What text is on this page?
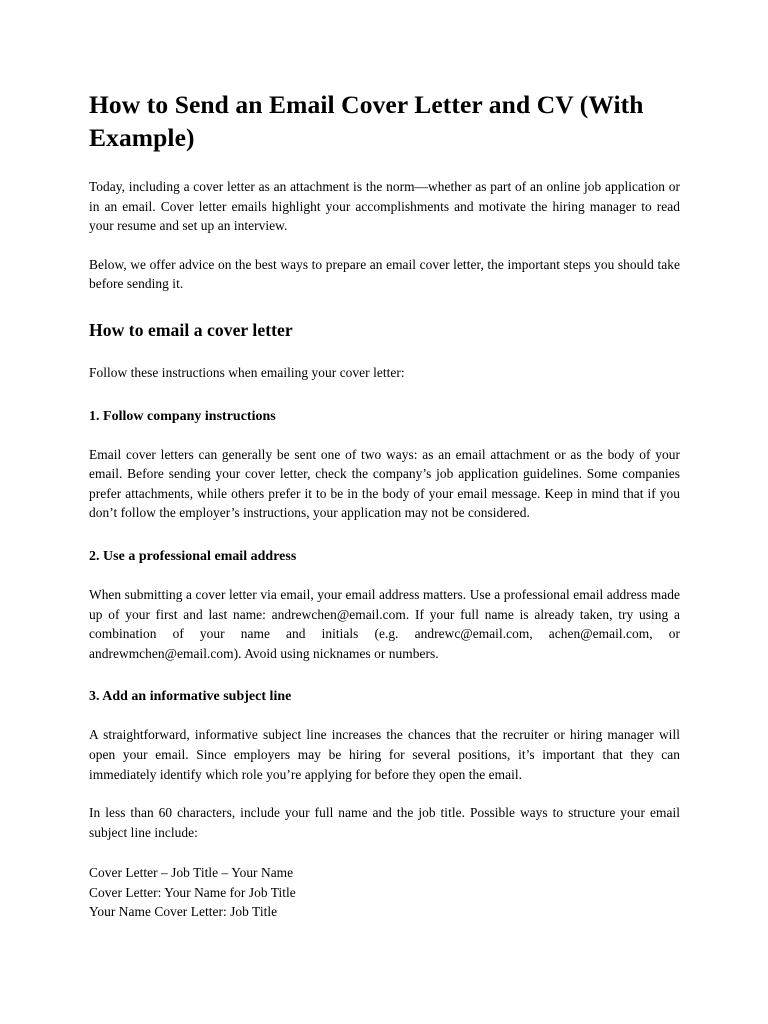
How to Send an Email Cover Letter and CV (With Example)

Today, including a cover letter as an attachment is the norm—whether as part of an online job application or in an email. Cover letter emails highlight your accomplishments and motivate the hiring manager to read your resume and set up an interview.

Below, we offer advice on the best ways to prepare an email cover letter, the important steps you should take before sending it.

How to email a cover letter

Follow these instructions when emailing your cover letter:

1. Follow company instructions

Email cover letters can generally be sent one of two ways: as an email attachment or as the body of your email. Before sending your cover letter, check the company’s job application guidelines. Some companies prefer attachments, while others prefer it to be in the body of your email message. Keep in mind that if you don’t follow the employer’s instructions, your application may not be considered.

2. Use a professional email address

When submitting a cover letter via email, your email address matters. Use a professional email address made up of your first and last name: andrewchen@email.com. If your full name is already taken, try using a combination of your name and initials (e.g. andrewc@email.com, achen@email.com, or andrewmchen@email.com). Avoid using nicknames or numbers.

3. Add an informative subject line

A straightforward, informative subject line increases the chances that the recruiter or hiring manager will open your email. Since employers may be hiring for several positions, it’s important that they can immediately identify which role you’re applying for before they open the email.

In less than 60 characters, include your full name and the job title. Possible ways to structure your email subject line include:

Cover Letter – Job Title – Your Name
Cover Letter: Your Name for Job Title
Your Name Cover Letter: Job Title
